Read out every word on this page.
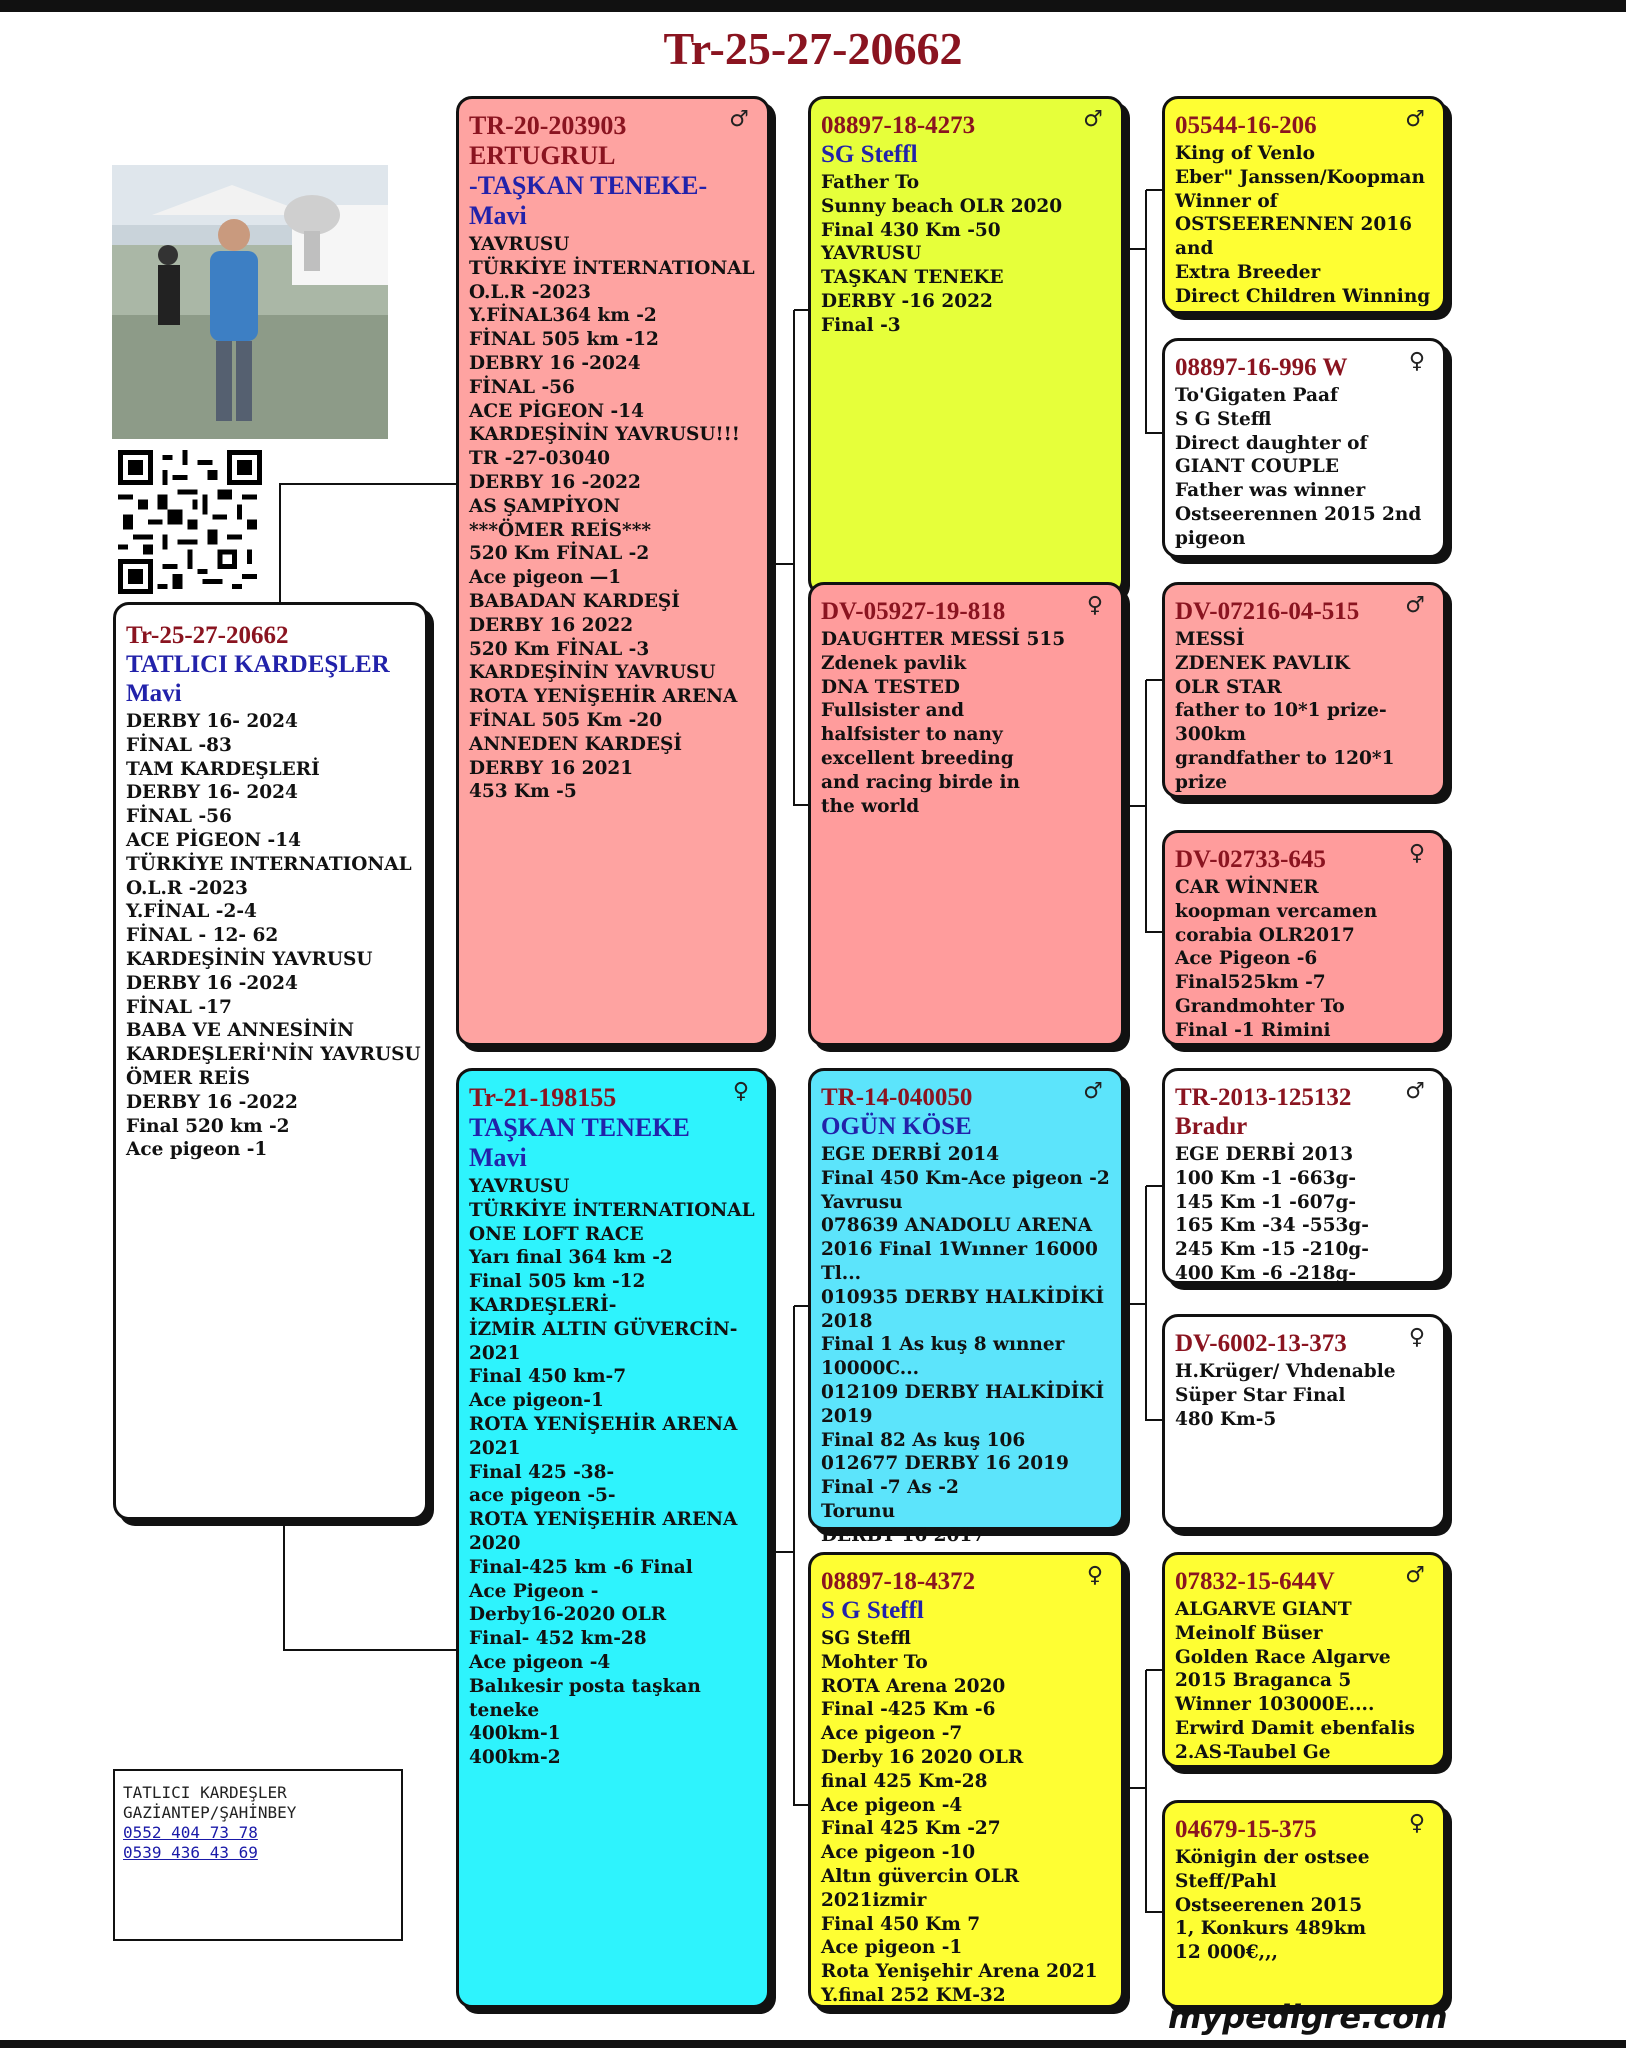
Tr-25-27-20662
Tr-25-27-20662
TATLICI KARDEŞLER
Mavi
DERBY 16- 2024
FİNAL -83
TAM KARDEŞLERİ
DERBY 16- 2024
FİNAL -56
ACE PİGEON -14
TÜRKİYE INTERNATIONAL
O.L.R -2023
Y.FİNAL -2-4
FİNAL - 12- 62
KARDEŞİNİN YAVRUSU
DERBY 16 -2024
FİNAL -17
BABA VE ANNESİNİN
KARDEŞLERİ'NİN YAVRUSU
ÖMER REİS
DERBY 16 -2022
Final 520 km -2
Ace pigeon -1
♂
TR-20-203903
ERTUGRUL
-TAŞKAN TENEKE-
Mavi
YAVRUSU
TÜRKİYE İNTERNATIONAL
O.L.R -2023
Y.FİNAL364 km -2
FİNAL 505 km -12
DEBRY 16 -2024
FİNAL -56
ACE PİGEON -14
KARDEŞİNİN YAVRUSU!!!
TR -27-03040
DERBY 16 -2022
AS ŞAMPİYON
***ÖMER REİS***
520 Km FİNAL -2
Ace pigeon —1
BABADAN KARDEŞİ
DERBY 16 2022
520 Km FİNAL -3
KARDEŞİNİN YAVRUSU
ROTA YENİŞEHİR ARENA
FİNAL 505 Km -20
ANNEDEN KARDEŞİ
DERBY 16 2021
453 Km -5
♀
Tr-21-198155
TAŞKAN TENEKE
Mavi
YAVRUSU
TÜRKİYE İNTERNATIONAL
ONE LOFT RACE
Yarı final 364 km -2
Final 505 km -12
KARDEŞLERİ-
İZMİR ALTIN GÜVERCİN-
2021
Final 450 km-7
Ace pigeon-1
ROTA YENİŞEHİR ARENA
2021
Final 425 -38-
ace pigeon -5-
ROTA YENİŞEHİR ARENA
2020
Final-425 km -6 Final
Ace Pigeon -
Derby16-2020 OLR
Final- 452 km-28
Ace pigeon -4
Balıkesir posta taşkan
teneke
400km-1
400km-2
♂
08897-18-4273
SG Steffl
Father To
Sunny beach OLR 2020
Final 430 Km -50
YAVRUSU
TAŞKAN TENEKE
DERBY -16 2022
Final -3
♀
DV-05927-19-818
DAUGHTER MESSİ 515
Zdenek pavlik
DNA TESTED
Fullsister and
halfsister to nany
excellent breeding
and racing birde in
the world
♂
TR-14-040050
OGÜN KÖSE
EGE DERBİ 2014
Final 450 Km-Ace pigeon -2
Yavrusu
078639 ANADOLU ARENA
2016 Final 1Wınner 16000
Tl...
010935 DERBY HALKİDİKİ
2018
Final 1 As kuş 8 wınner
10000C...
012109 DERBY HALKİDİKİ
2019
Final 82 As kuş 106
012677 DERBY 16 2019
Final -7 As -2
Torunu
DERBY 16 2017
♀
08897-18-4372
S G Steffl
SG Steffl
Mohter To
ROTA Arena 2020
Final -425 Km -6
Ace pigeon -7
Derby 16 2020 OLR
final 425 Km-28
Ace pigeon -4
Final 425 Km -27
Ace pigeon -10
Altın güvercin OLR
2021izmir
Final 450 Km 7
Ace pigeon -1
Rota Yenişehir Arena 2021
Y.final 252 KM-32
♂
05544-16-206
King of Venlo
Eber" Janssen/Koopman
Winner of
OSTSEERENNEN 2016
and
Extra Breeder
Direct Children Winning
♀
08897-16-996 W
To'Gigaten Paaf
S G Steffl
Direct daughter of
GIANT COUPLE
Father was winner
Ostseerennen 2015 2nd
pigeon
♂
DV-07216-04-515
MESSİ
ZDENEK PAVLIK
OLR STAR
father to 10*1 prize-
300km
grandfather to 120*1
prize
♀
DV-02733-645
CAR WİNNER
koopman vercamen
corabia OLR2017
Ace Pigeon -6
Final525km -7
Grandmohter To
Final -1 Rimini
♂
TR-2013-125132
Bradır
EGE DERBİ 2013
100 Km -1 -663g-
145 Km -1 -607g-
165 Km -34 -553g-
245 Km -15 -210g-
400 Km -6 -218g-
♀
DV-6002-13-373
H.Krüger/ Vhdenable
Süper Star Final
480 Km-5
♂
07832-15-644V
ALGARVE GIANT
Meinolf Büser
Golden Race Algarve
2015 Braganca 5
Winner 103000E....
Erwird Damit ebenfalis
2.AS-Taubel Ge
♀
04679-15-375
Königin der ostsee
Steff/Pahl
Ostseerenen 2015
1, Konkurs 489km
12 000€,,,
TATLICI KARDEŞLER
GAZİANTEP/ŞAHİNBEY
0552 404 73 78
0539 436 43 69
mypedigre.com
